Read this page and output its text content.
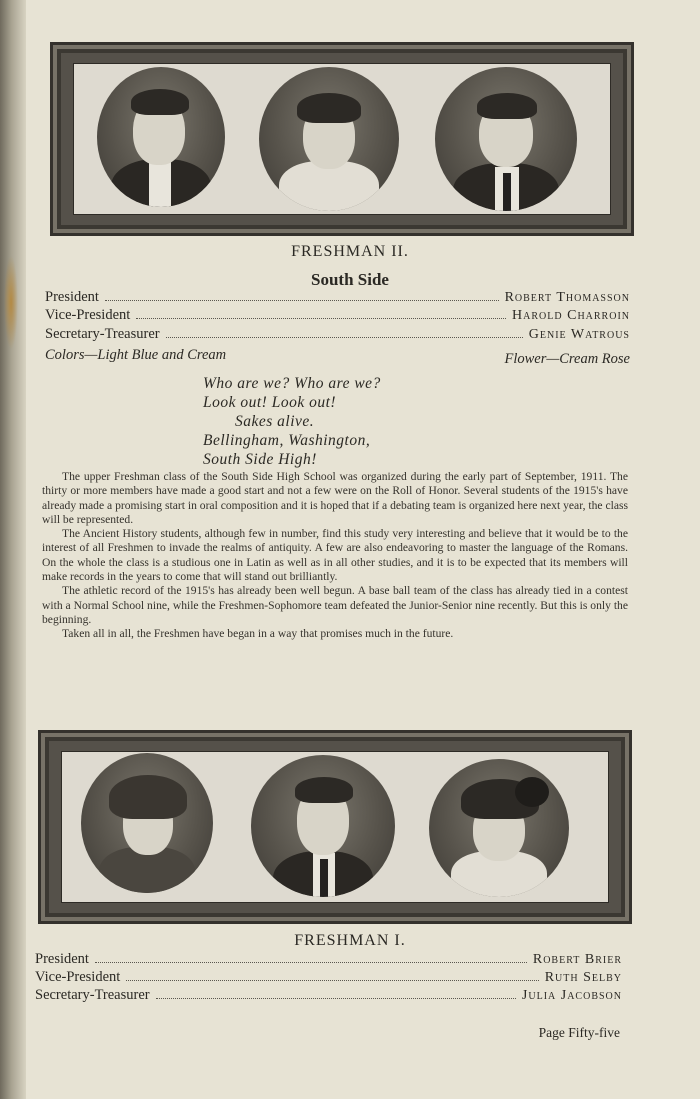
FRESHMAN II.
South Side
President	Robert Thomasson
Vice-President	Harold Charroin
Secretary-Treasurer	Genie Watrous
Colors—Light Blue and Cream	Flower—Cream Rose
Who are we? Who are we?
Look out! Look out!
Sakes alive.
Bellingham, Washington,
South Side High!

The upper Freshman class of the South Side High School was organized during the early part of September, 1911. The thirty or more members have made a good start and not a few were on the Roll of Honor. Several students of the 1915's have already made a promising start in oral composition and it is hoped that if a debating team is organized here next year, the class will be represented.

The Ancient History students, although few in number, find this study very interesting and believe that it would be to the interest of all Freshmen to invade the realms of antiquity. A few are also endeavoring to master the language of the Romans. On the whole the class is a studious one in Latin as well as in all other studies, and it is to be expected that its members will make records in the years to come that will stand out brilliantly.

The athletic record of the 1915's has already been well begun. A base ball team of the class has already tied in a contest with a Normal School nine, while the Freshmen-Sophomore team defeated the Junior-Senior nine recently. But this is only the beginning.

Taken all in all, the Freshmen have began in a way that promises much in the future.

FRESHMAN I.
President	Robert Brier
Vice-President	Ruth Selby
Secretary-Treasurer	Julia Jacobson
Page Fifty-five
